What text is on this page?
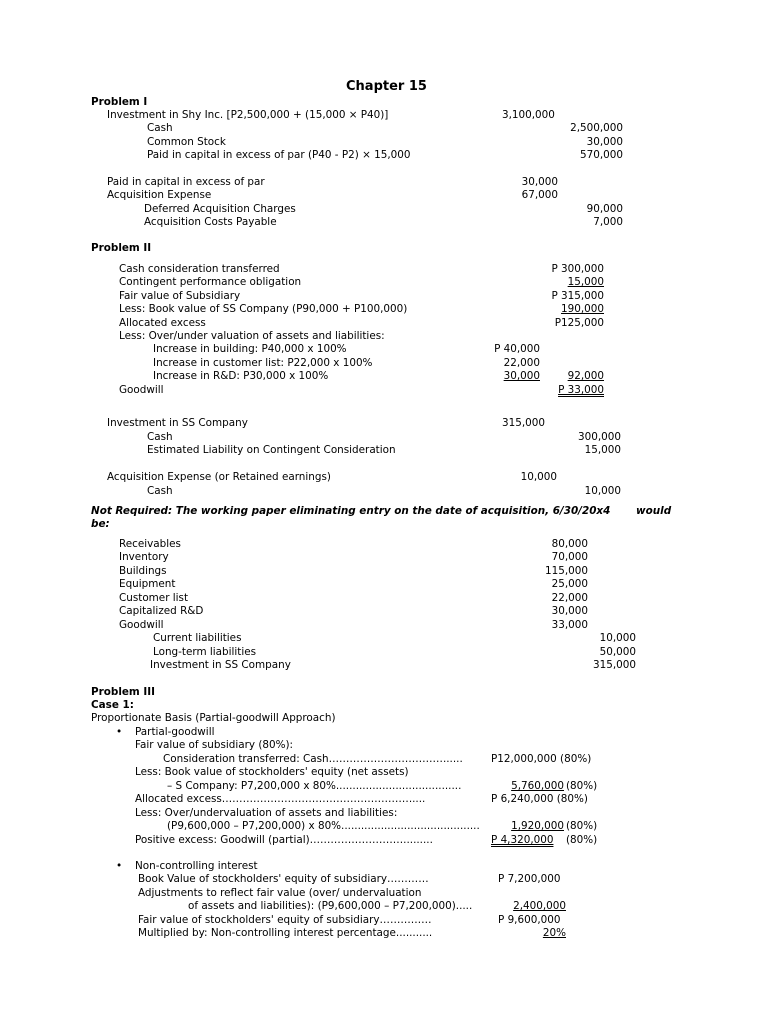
Chapter 15
Problem I
Investment in Shy Inc. [P2,500,000 + (15,000 × P40)]	3,100,000
Cash	2,500,000
Common Stock	30,000
Paid in capital in excess of par (P40 - P2) × 15,000	570,000
Paid in capital in excess of par	30,000
Acquisition Expense	67,000
Deferred Acquisition Charges	90,000
Acquisition Costs Payable	7,000
Problem II
Cash consideration transferred	P 300,000
Contingent performance obligation	15,000
Fair value of Subsidiary	P 315,000
Less: Book value of SS Company (P90,000 + P100,000)	190,000
Allocated excess	P125,000
Less: Over/under valuation of assets and liabilities:
Increase in building: P40,000 x 100%	P 40,000
Increase in customer list: P22,000 x 100%	22,000
Increase in R&D: P30,000 x 100%	30,000	92,000
Goodwill	P 33,000
Investment in SS Company	315,000
Cash	300,000
Estimated Liability on Contingent Consideration	15,000
Acquisition Expense (or Retained earnings)	10,000
Cash	10,000
Not Required: The working paper eliminating entry on the date of acquisition, 6/30/20x4 would
be:
Receivables	80,000
Inventory	70,000
Buildings	115,000
Equipment	25,000
Customer list	22,000
Capitalized R&D	30,000
Goodwill	33,000
Current liabilities	10,000
Long-term liabilities	50,000
Investment in SS Company	315,000
Problem III
Case 1:
Proportionate Basis (Partial-goodwill Approach)
• Partial-goodwill
Fair value of subsidiary (80%):
Consideration transferred: Cash……………………………......	P12,000,000 (80%)
Less: Book value of stockholders' equity (net assets)
– S Company: P7,200,000 x 80%......................................	5,760,000 (80%)
Allocated excess……………………………………………….....	P 6,240,000 (80%)
Less: Over/undervaluation of assets and liabilities:
(P9,600,000 – P7,200,000) x 80%..........................................	1,920,000 (80%)
Positive excess: Goodwill (partial)……………………….........	P 4,320,000 (80%)
• Non-controlling interest
Book Value of stockholders' equity of subsidiary…………	P 7,200,000
Adjustments to reflect fair value (over/ undervaluation
of assets and liabilities): (P9,600,000 – P7,200,000).....	2,400,000
Fair value of stockholders' equity of subsidiary……………	P 9,600,000
Multiplied by: Non-controlling interest percentage...........	20%
